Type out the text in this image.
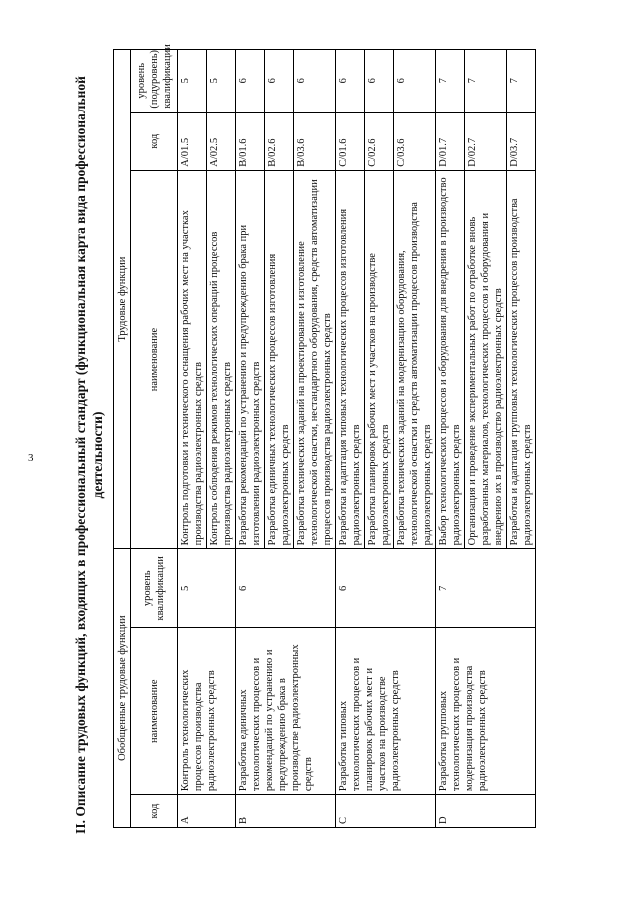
3	II. Описание трудовых функций, входящих в профессиональный стандарт (функциональная карта вида профессиональной деятельности)
Обобщенные трудовые функции			Трудовые функции		
код	наименование	уровень квалификации	наименование	код	уровень (подуровень) квалификации
A	Контроль технологических процессов производства радиоэлектронных средств	5	Контроль подготовки и технического оснащения рабочих мест на участках производства радиоэлектронных средств	A/01.5	5
			Контроль соблюдения режимов технологических операций процессов производства радиоэлектронных средств	A/02.5	5
B	Разработка единичных технологических процессов и рекомендаций по устранению и предупреждению брака в производстве радиоэлектронных средств	6	Разработка рекомендаций по устранению и предупреждению брака при изготовлении радиоэлектронных средств	B/01.6	6
			Разработка единичных технологических процессов изготовления радиоэлектронных средств	B/02.6	6
			Разработка технических заданий на проектирование и изготовление технологической оснастки, нестандартного оборудования, средств автоматизации процессов производства радиоэлектронных средств	B/03.6	6
C	Разработка типовых технологических процессов и планировок рабочих мест и участков на производстве радиоэлектронных средств	6	Разработка и адаптация типовых технологических процессов изготовления радиоэлектронных средств	C/01.6	6
			Разработка планировок рабочих мест и участков на производстве радиоэлектронных средств	C/02.6	6
			Разработка технических заданий на модернизацию оборудования, технологической оснастки и средств автоматизации процессов производства радиоэлектронных средств	C/03.6	6
D	Разработка групповых технологических процессов и модернизация производства радиоэлектронных средств	7	Выбор технологических процессов и оборудования для внедрения в производство радиоэлектронных средств	D/01.7	7
			Организация и проведение экспериментальных работ по отработке вновь разработанных материалов, технологических процессов и оборудования и внедрению их в производство радиоэлектронных средств	D/02.7	7
			Разработка и адаптация групповых технологических процессов производства радиоэлектронных средств	D/03.7	7
